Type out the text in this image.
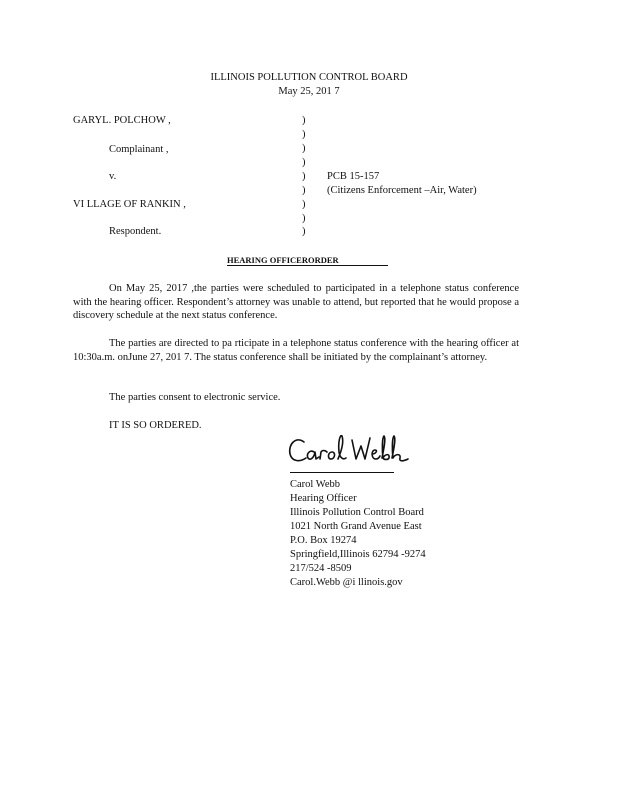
ILLINOIS POLLUTION CONTROL BOARD
May 25, 201 7
GARYL. POLCHOW ,
Complainant ,
v.
VI LLAGE OF RANKIN ,
Respondent.
)
)
)
)
)
)
)
)
)
PCB 15-157
(Citizens Enforcement –Air, Water)
HEARING OFFICERORDER
On May 25, 2017 ,the parties were scheduled to participated in a telephone status conference with the hearing officer. Respondent’s attorney was unable to attend, but reported that he would propose a discovery schedule at the next status conference.
The parties are directed to pa rticipate in a telephone status conference with the hearing officer at 10:30a.m. onJune 27, 201 7. The status conference shall be initiated by the complainant’s attorney.
The parties consent to electronic service.
IT IS SO ORDERED.
Carol Webb
Hearing Officer
Illinois Pollution Control Board
1021 North Grand Avenue East
P.O. Box 19274
Springfield,Illinois 62794 -9274
217/524 -8509
Carol.Webb @i llinois.gov
